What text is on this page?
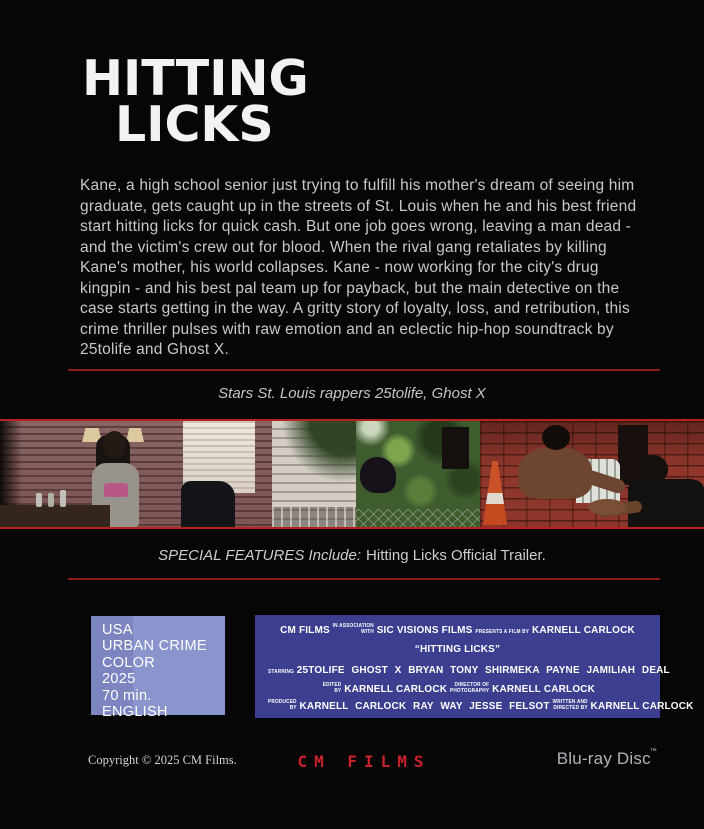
HITTING
LICKS
Kane, a high school senior just trying to fulfill his mother's dream of seeing him graduate, gets caught up in the streets of St. Louis when he and his best friend start hitting licks for quick cash. But one job goes wrong, leaving a man dead - and the victim's crew out for blood. When the rival gang retaliates by killing Kane's mother, his world collapses. Kane - now working for the city's drug kingpin - and his best pal team up for payback, but the main detective on the case starts getting in the way. A gritty story of loyalty, loss, and retribution, this crime thriller pulses with raw emotion and an eclectic hip-hop soundtrack by 25tolife and Ghost X.
Stars St. Louis rappers 25tolife, Ghost X
SPECIAL FEATURES Include: Hitting Licks Official Trailer.
USA
URBAN CRIME
COLOR
2025
70 min.
ENGLISH
CM FILMS IN ASSOCIATION
WITH SIC VISIONS FILMS PRESENTS A FILM BY KARNELL CARLOCK
“HITTING LICKS”
STARRING 25TOLIFE GHOST X BRYAN TONY SHIRMEKA PAYNE JAMILIAH DEAL
EDITED
BY KARNELL CARLOCK	DIRECTOR OF
PHOTOGRAPHY KARNELL CARLOCK
PRODUCED
BY KARNELL CARLOCK RAY WAY JESSE FELSOT WRITTEN AND
DIRECTED BY KARNELL CARLOCK
Copyright © 2025 CM Films.	CM FILMS	Blu-ray Disc™
